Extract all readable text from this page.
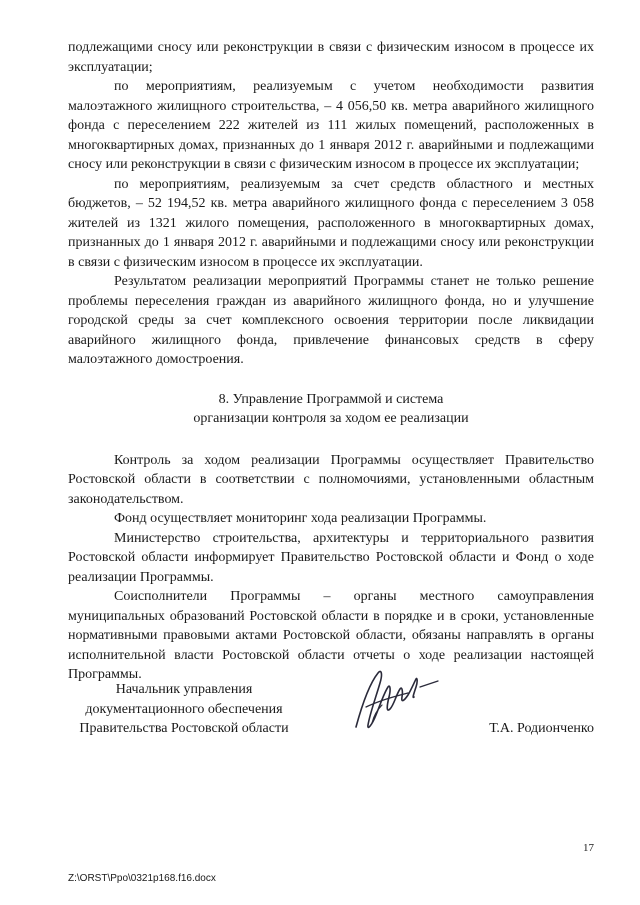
подлежащими сносу или реконструкции в связи с физическим износом в процессе их эксплуатации;

по мероприятиям, реализуемым с учетом необходимости развития малоэтажного жилищного строительства, – 4 056,50 кв. метра аварийного жилищного фонда с переселением 222 жителей из 111 жилых помещений, расположенных в многоквартирных домах, признанных до 1 января 2012 г. аварийными и подлежащими сносу или реконструкции в связи с физическим износом в процессе их эксплуатации;

по мероприятиям, реализуемым за счет средств областного и местных бюджетов, – 52 194,52 кв. метра аварийного жилищного фонда с переселением 3 058 жителей из 1321 жилого помещения, расположенного в многоквартирных домах, признанных до 1 января 2012 г. аварийными и подлежащими сносу или реконструкции в связи с физическим износом в процессе их эксплуатации.

Результатом реализации мероприятий Программы станет не только решение проблемы переселения граждан из аварийного жилищного фонда, но и улучшение городской среды за счет комплексного освоения территории после ликвидации аварийного жилищного фонда, привлечение финансовых средств в сферу малоэтажного домостроения.

8. Управление Программой и система
организации контроля за ходом ее реализации

Контроль за ходом реализации Программы осуществляет Правительство Ростовской области в соответствии с полномочиями, установленными областным законодательством.

Фонд осуществляет мониторинг хода реализации Программы.

Министерство строительства, архитектуры и территориального развития Ростовской области информирует Правительство Ростовской области и Фонд о ходе реализации Программы.

Соисполнители Программы – органы местного самоуправления муниципальных образований Ростовской области в порядке и в сроки, установленные нормативными правовыми актами Ростовской области, обязаны направлять в органы исполнительной власти Ростовской области отчеты о ходе реализации настоящей Программы.

Начальник управления
документационного обеспечения
Правительства Ростовской области	Т.А. Родионченко
17
Z:\ORST\Ppo\0321p168.f16.docx
